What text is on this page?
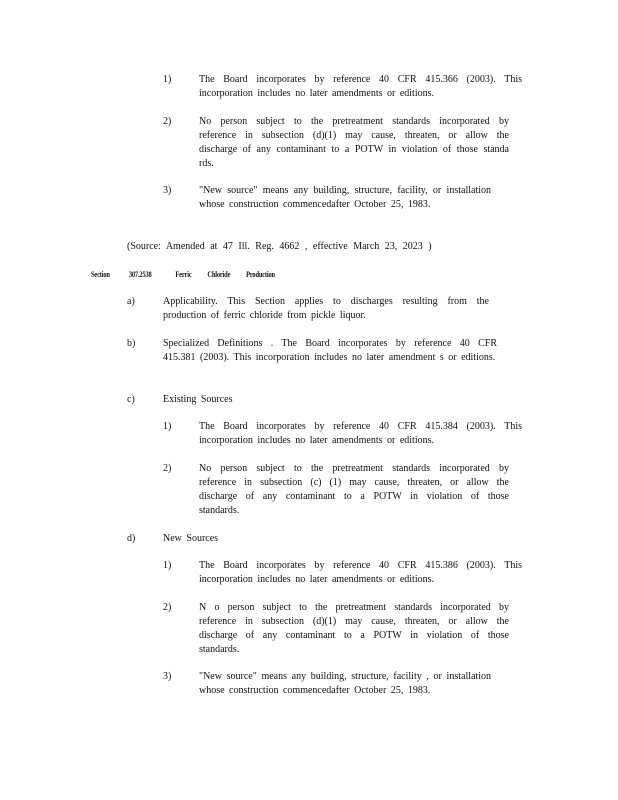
1)	The Board incorporates by reference 40 CFR 415.366 (2003). This incorporation includes no later amendments or editions.
2)	No person subject to the pretreatment standards incorporated by reference in subsection (d)(1) may cause, threaten, or allow the discharge of any contaminant to a POTW in violation of those standa rds.
3)	"New source" means any building, structure, facility, or installation whose construction commencedafter October 25, 1983.
(Source: Amended at 47 Ill. Reg. 4662 , effective March 23, 2023 )
Section 307.2538	Ferric Chloride Production
a)	Applicability. This Section applies to discharges resulting from the production of ferric chloride from pickle liquor.
b)	Specialized Definitions . The Board incorporates by reference 40 CFR 415.381 (2003). This incorporation includes no later amendment s or editions.
c)	Existing Sources
1)	The Board incorporates by reference 40 CFR 415.384 (2003). This incorporation includes no later amendments or editions.
2)	No person subject to the pretreatment standards incorporated by reference in subsection (c) (1) may cause, threaten, or allow the discharge of any contaminant to a POTW in violation of those standards.
d)	New Sources
1)	The Board incorporates by reference 40 CFR 415.386 (2003). This incorporation includes no later amendments or editions.
2)	N o person subject to the pretreatment standards incorporated by reference in subsection (d)(1) may cause, threaten, or allow the discharge of any contaminant to a POTW in violation of those standards.
3)	"New source" means any building, structure, facility , or installation whose construction commencedafter October 25, 1983.
